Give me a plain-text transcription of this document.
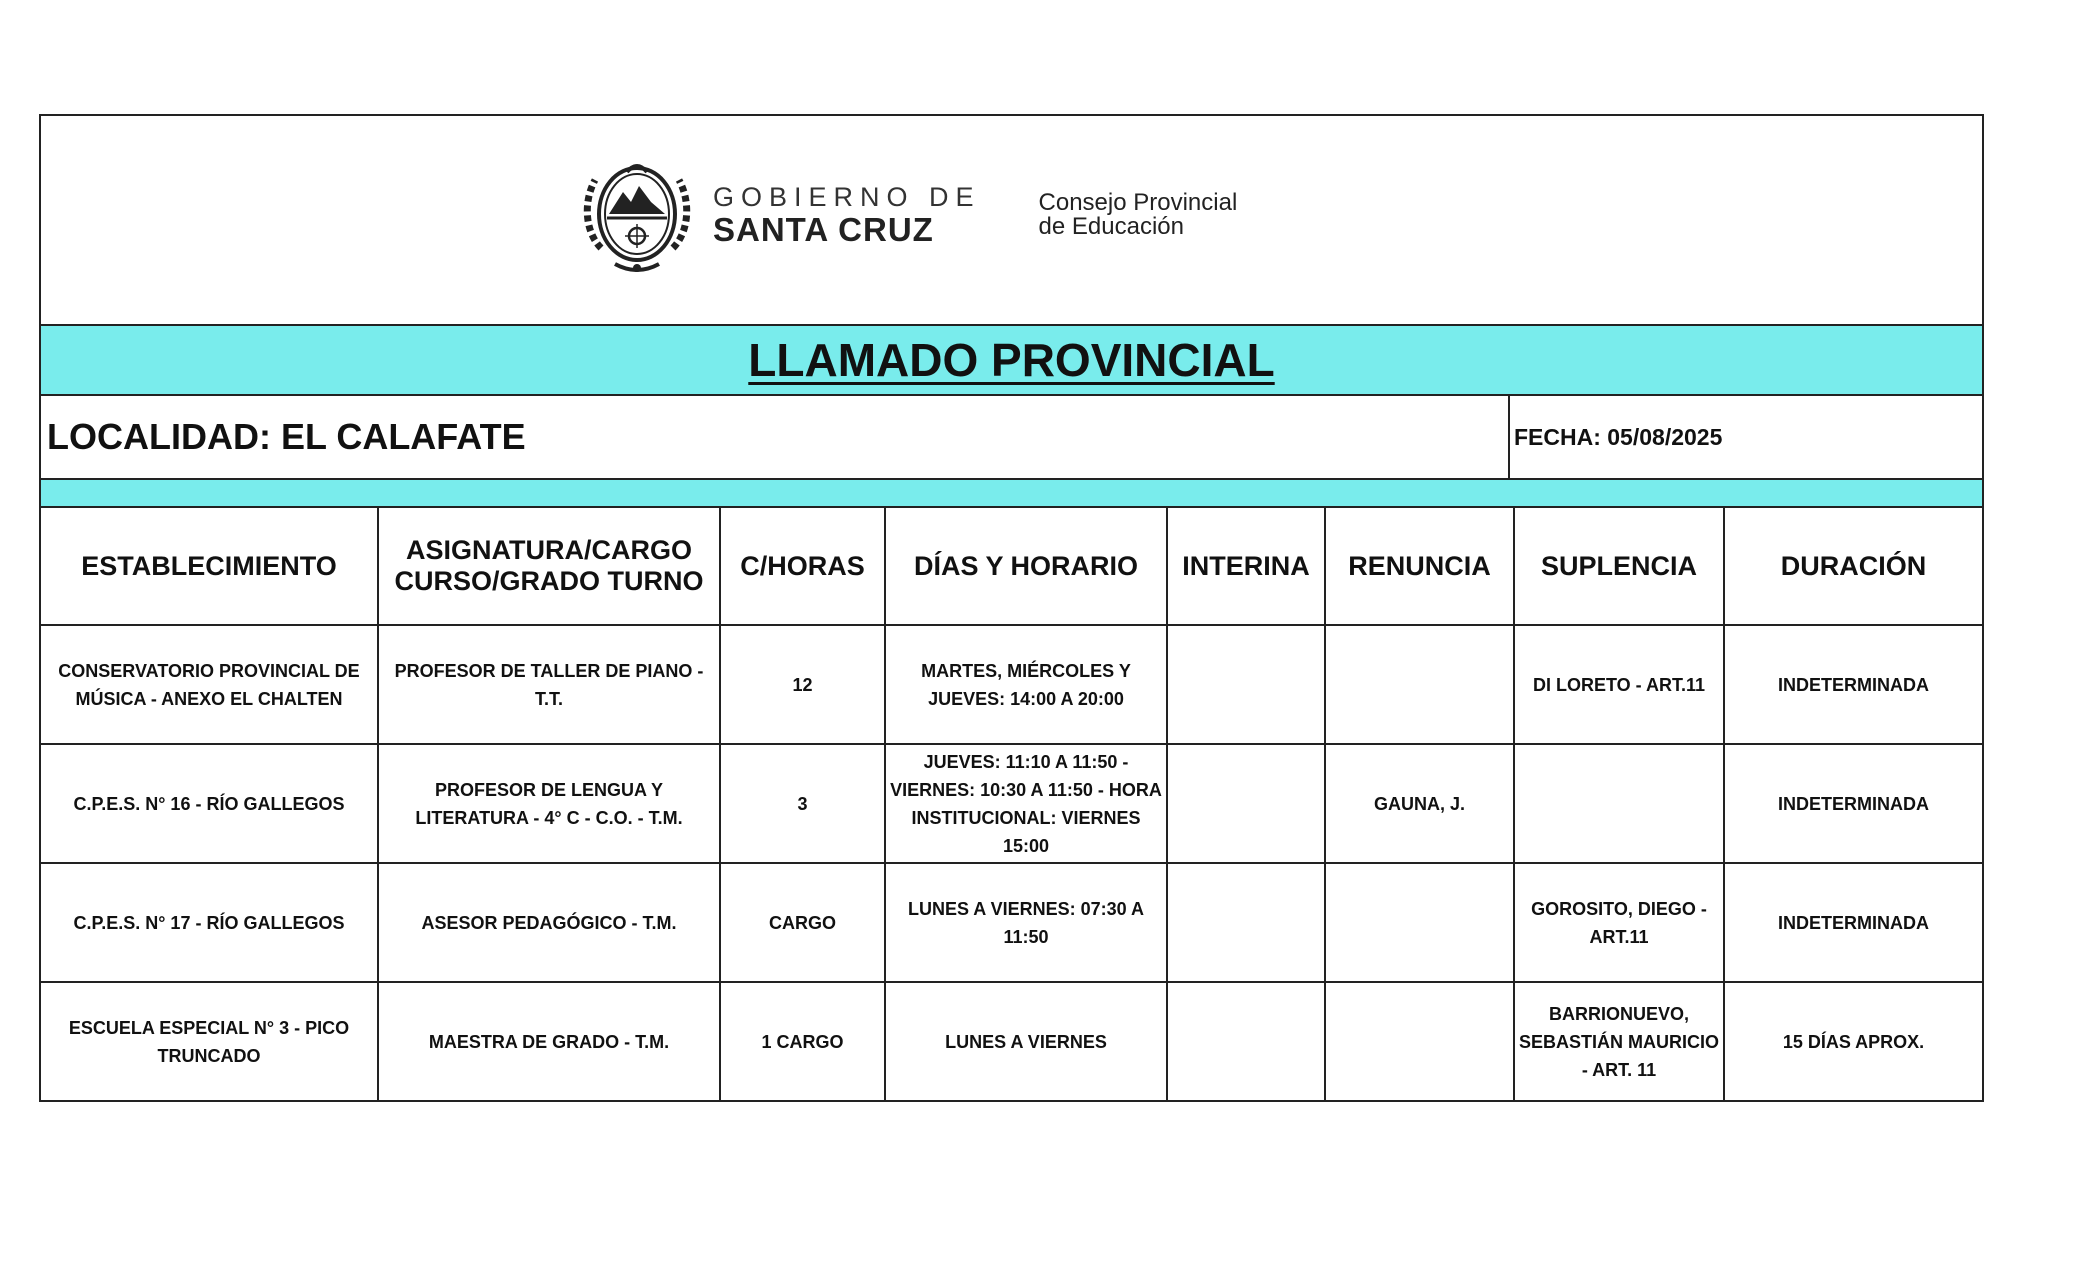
GOBIERNO DE
SANTA CRUZ
Consejo Provincial
de Educación
LLAMADO PROVINCIAL
LOCALIDAD: EL CALAFATE	FECHA: 05/08/2025
ESTABLECIMIENTO	ASIGNATURA/CARGO CURSO/GRADO TURNO	C/HORAS	DÍAS Y HORARIO	INTERINA	RENUNCIA	SUPLENCIA	DURACIÓN
CONSERVATORIO PROVINCIAL DE MÚSICA - ANEXO EL CHALTEN	PROFESOR DE TALLER DE PIANO - T.T.	12	MARTES, MIÉRCOLES Y JUEVES: 14:00 A 20:00			DI LORETO - ART.11	INDETERMINADA
C.P.E.S. N° 16 - RÍO GALLEGOS	PROFESOR DE LENGUA Y LITERATURA - 4° C - C.O. - T.M.	3	JUEVES: 11:10 A 11:50 - VIERNES: 10:30 A 11:50 - HORA INSTITUCIONAL: VIERNES 15:00		GAUNA, J.		INDETERMINADA
C.P.E.S. N° 17 - RÍO GALLEGOS	ASESOR PEDAGÓGICO - T.M.	CARGO	LUNES A VIERNES: 07:30 A 11:50			GOROSITO, DIEGO - ART.11	INDETERMINADA
ESCUELA ESPECIAL N° 3 - PICO TRUNCADO	MAESTRA DE GRADO - T.M.	1 CARGO	LUNES A VIERNES			BARRIONUEVO, SEBASTIÁN MAURICIO - ART. 11	15 DÍAS APROX.
